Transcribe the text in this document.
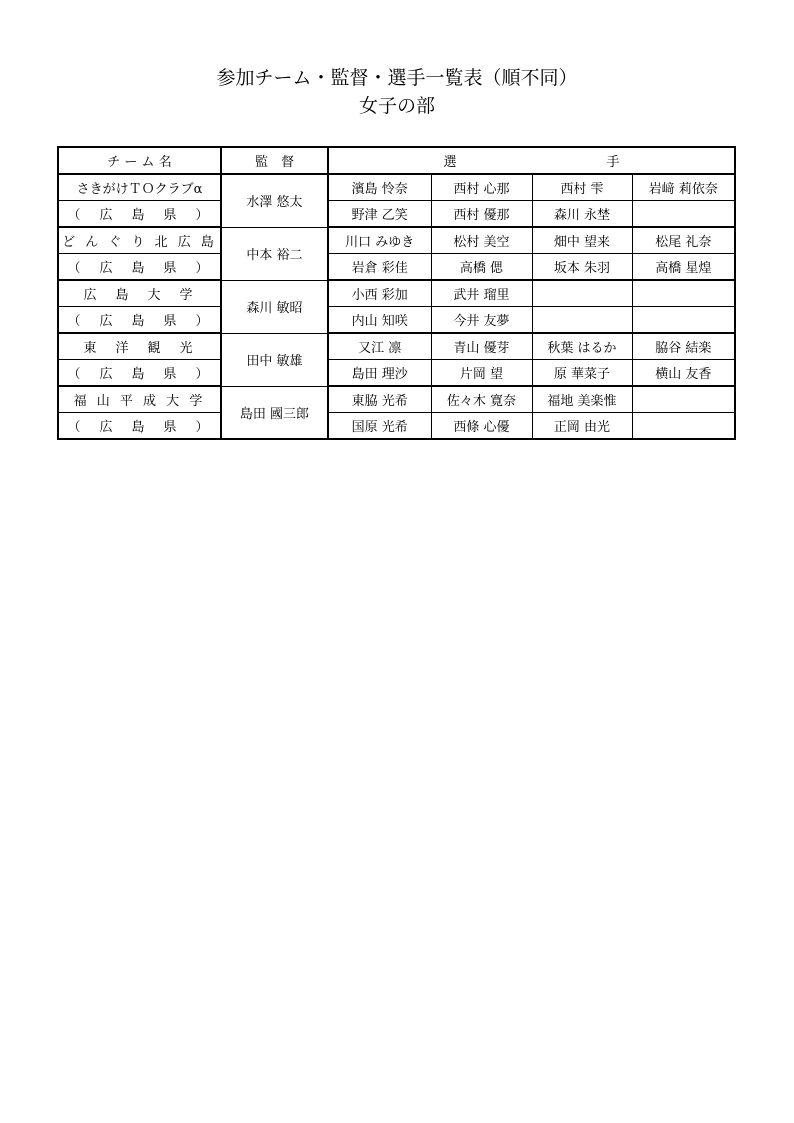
参加チーム・監督・選手一覧表（順不同）
女子の部
チ ー ム 名	監　督	選 手			
さきがけＴＯクラブα	水澤 悠太	濱島 怜奈	西村 心那	西村 雫	岩﨑 莉依奈
（　広　島　県　）		野津 乙笑	西村 優那	森川 永埜	
ど ん ぐ り 北 広 島	中本 裕二	川口 みゆき	松村 美空	畑中 望来	松尾 礼奈
（　広　島　県　）		岩倉 彩佳	高橋 偲	坂本 朱羽	高橋 星煌
広　島　大　学	森川 敏昭	小西 彩加	武井 瑠里		
（　広　島　県　）		内山 知咲	今井 友夢		
東　洋　観　光	田中 敏雄	又江 凛	青山 優芽	秋葉 はるか	脇谷 結楽
（　広　島　県　）		島田 理沙	片岡 望	原 華菜子	横山 友香
福 山 平 成 大 学	島田 國三郎	東脇 光希	佐々木 寛奈	福地 美楽惟	
（　広　島　県　）		国原 光希	西條 心優	正岡 由光	
